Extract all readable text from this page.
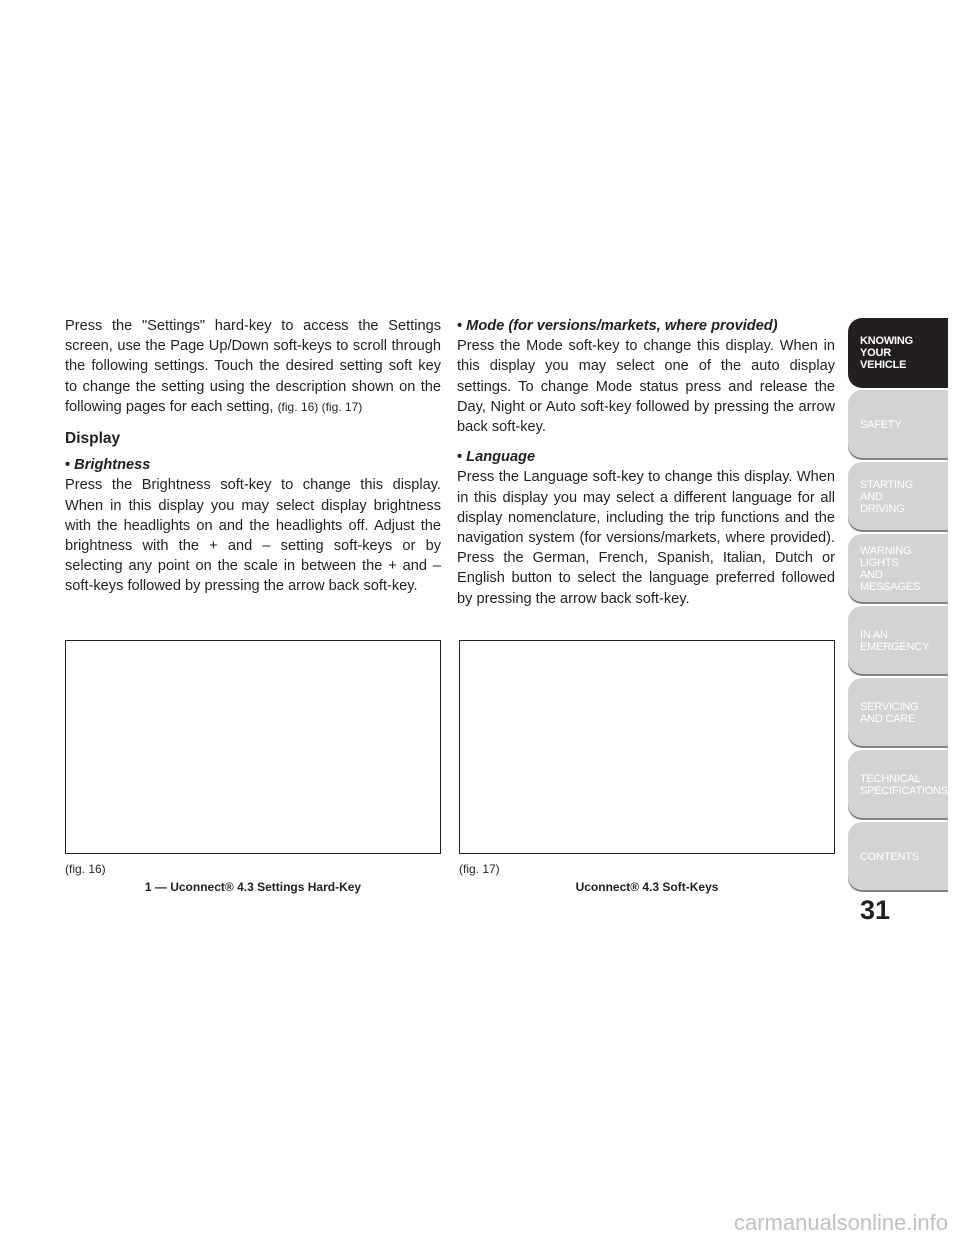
Press the "Settings" hard-key to access the Settings screen, use the Page Up/Down soft-keys to scroll through the following settings. Touch the desired setting soft key to change the setting using the description shown on the following pages for each setting, (fig. 16) (fig. 17)

Display
• Brightness

Press the Brightness soft-key to change this display. When in this display you may select display brightness with the headlights on and the headlights off. Adjust the brightness with the + and – setting soft-keys or by selecting any point on the scale in between the + and – soft-keys followed by pressing the arrow back soft-key.

• Mode (for versions/markets, where provided)

Press the Mode soft-key to change this display. When in this display you may select one of the auto display settings. To change Mode status press and release the Day, Night or Auto soft-key followed by pressing the arrow back soft-key.

• Language

Press the Language soft-key to change this display. When in this display you may select a different language for all display nomenclature, including the trip functions and the navigation system (for versions/markets, where provided). Press the German, French, Spanish, Italian, Dutch or English button to select the language preferred followed by pressing the arrow back soft-key.

(fig. 16)
1 — Uconnect® 4.3 Settings Hard-Key
(fig. 17)
Uconnect® 4.3 Soft-Keys
KNOWING
YOUR
VEHICLE
SAFETY
STARTING
AND
DRIVING
WARNING
LIGHTS
AND
MESSAGES
IN AN
EMERGENCY
SERVICING
AND CARE
TECHNICAL
SPECIFICATIONS
CONTENTS
31
carmanualsonline.info
